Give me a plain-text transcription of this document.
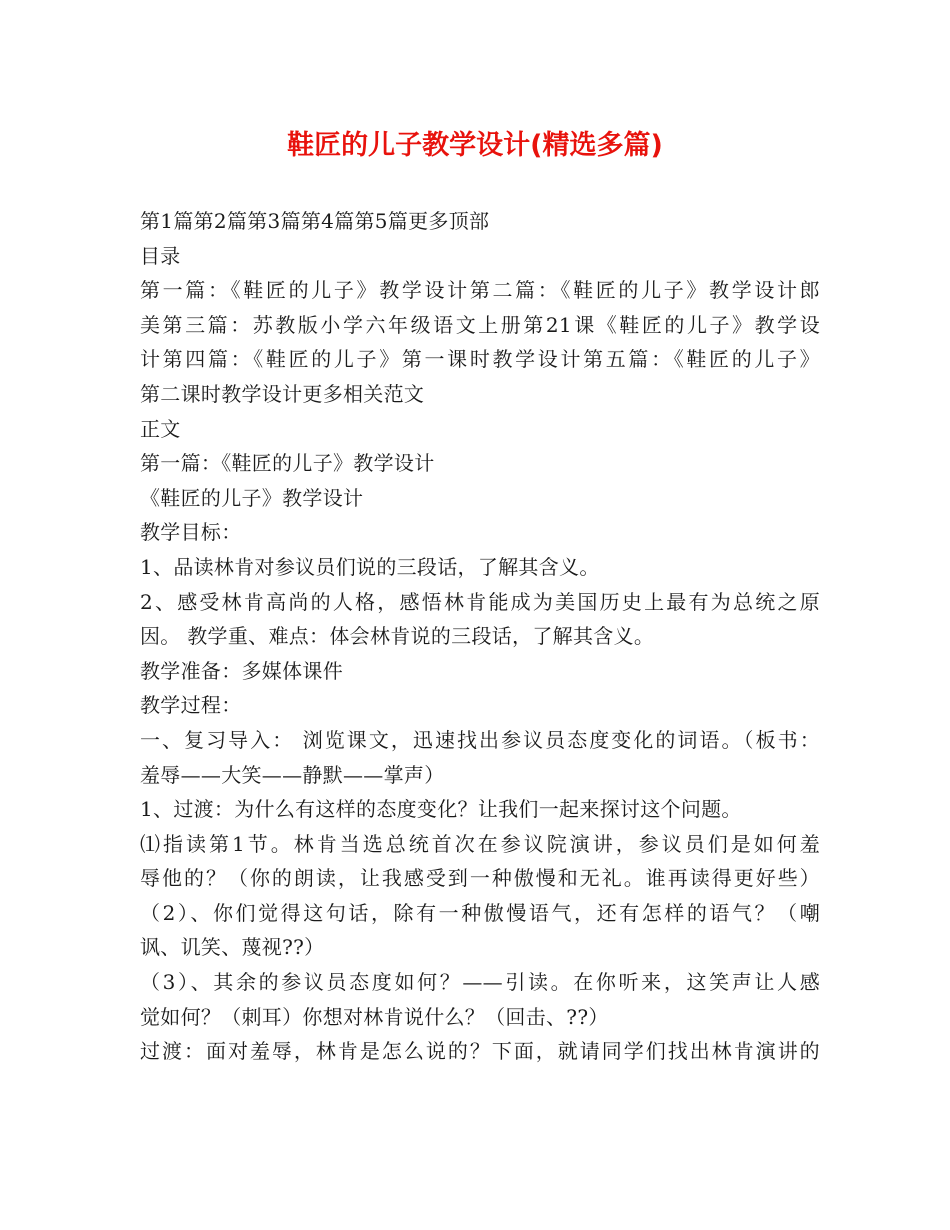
鞋匠的儿子教学设计(精选多篇)
第1篇第2篇第3篇第4篇第5篇更多顶部
目录
第一篇：《鞋匠的儿子》教学设计第二篇：《鞋匠的儿子》教学设计郎
美第三篇：苏教版小学六年级语文上册第21课《鞋匠的儿子》教学设
计第四篇：《鞋匠的儿子》第一课时教学设计第五篇：《鞋匠的儿子》
第二课时教学设计更多相关范文
正文
第一篇：《鞋匠的儿子》教学设计
《鞋匠的儿子》教学设计
教学目标：
1、品读林肯对参议员们说的三段话，了解其含义。
2、感受林肯高尚的人格，感悟林肯能成为美国历史上最有为总统之原
因。 教学重、难点：体会林肯说的三段话，了解其含义。
教学准备：多媒体课件
教学过程：
一、复习导入： 浏览课文，迅速找出参议员态度变化的词语。（板书：
羞辱——大笑——静默——掌声）
1、过渡：为什么有这样的态度变化？让我们一起来探讨这个问题。
⑴指读第1节。林肯当选总统首次在参议院演讲，参议员们是如何羞
辱他的？（你的朗读，让我感受到一种傲慢和无礼。谁再读得更好些）
（2）、你们觉得这句话，除有一种傲慢语气，还有怎样的语气？（嘲
讽、讥笑、蔑视??）
（3）、其余的参议员态度如何？——引读。在你听来，这笑声让人感
觉如何？（刺耳）你想对林肯说什么？（回击、??）
过渡：面对羞辱，林肯是怎么说的？下面，就请同学们找出林肯演讲的
